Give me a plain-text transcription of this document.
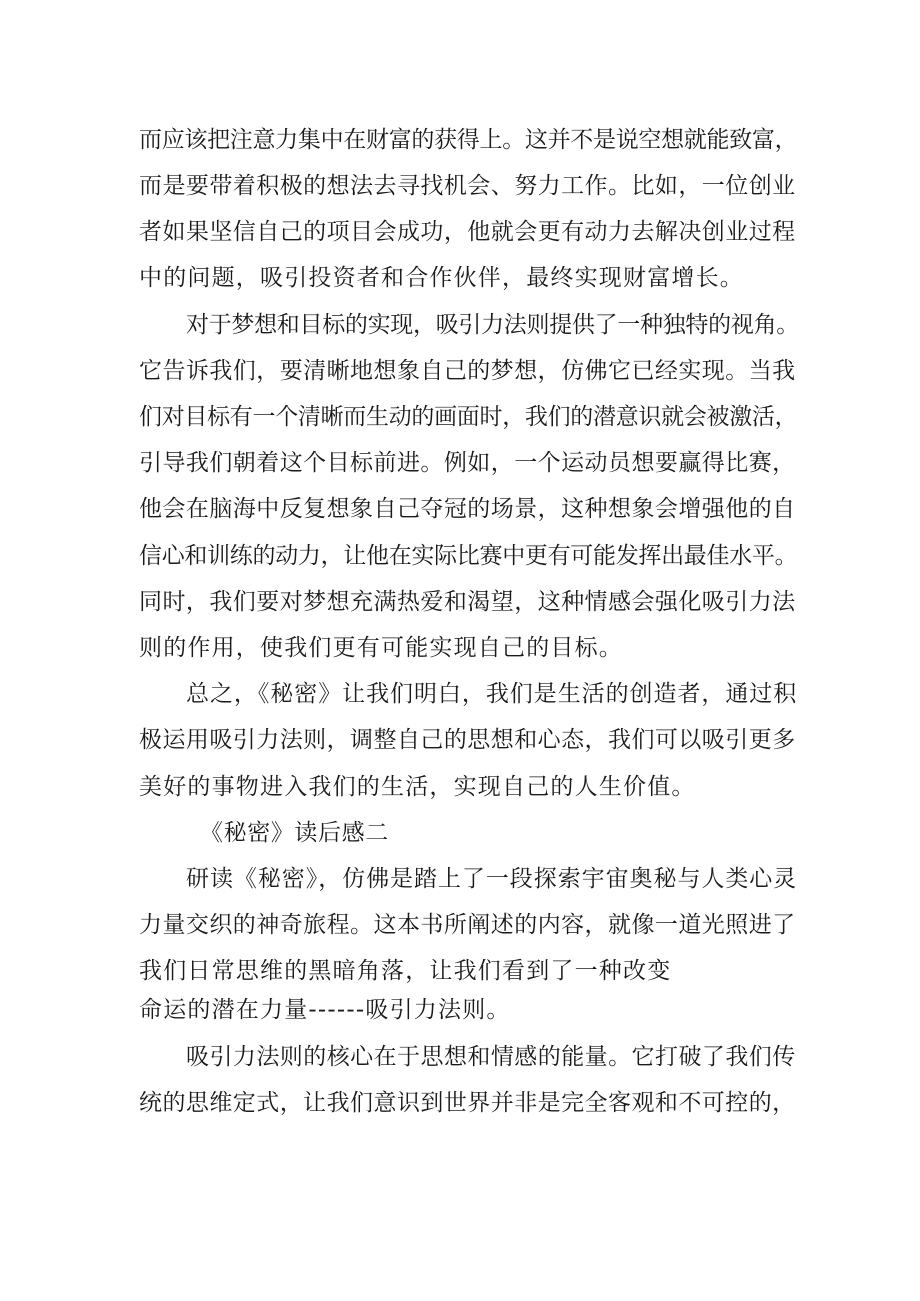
而应该把注意力集中在财富的获得上。这并不是说空想就能致富，

而是要带着积极的想法去寻找机会、努力工作。比如，一位创业

者如果坚信自己的项目会成功，他就会更有动力去解决创业过程

中的问题，吸引投资者和合作伙伴，最终实现财富增长。

对于梦想和目标的实现，吸引力法则提供了一种独特的视角。

它告诉我们，要清晰地想象自己的梦想，仿佛它已经实现。当我

们对目标有一个清晰而生动的画面时，我们的潜意识就会被激活，

引导我们朝着这个目标前进。例如，一个运动员想要赢得比赛，

他会在脑海中反复想象自己夺冠的场景，这种想象会增强他的自

信心和训练的动力，让他在实际比赛中更有可能发挥出最佳水平。

同时，我们要对梦想充满热爱和渴望，这种情感会强化吸引力法

则的作用，使我们更有可能实现自己的目标。

总之，《秘密》让我们明白，我们是生活的创造者，通过积

极运用吸引力法则，调整自己的思想和心态，我们可以吸引更多

美好的事物进入我们的生活，实现自己的人生价值。

《秘密》读后感二

研读《秘密》，仿佛是踏上了一段探索宇宙奥秘与人类心灵

力量交织的神奇旅程。这本书所阐述的内容，就像一道光照进了

我们日常思维的黑暗角落，让我们看到了一种改变

命运的潜在力量------吸引力法则。

吸引力法则的核心在于思想和情感的能量。它打破了我们传

统的思维定式，让我们意识到世界并非是完全客观和不可控的，
